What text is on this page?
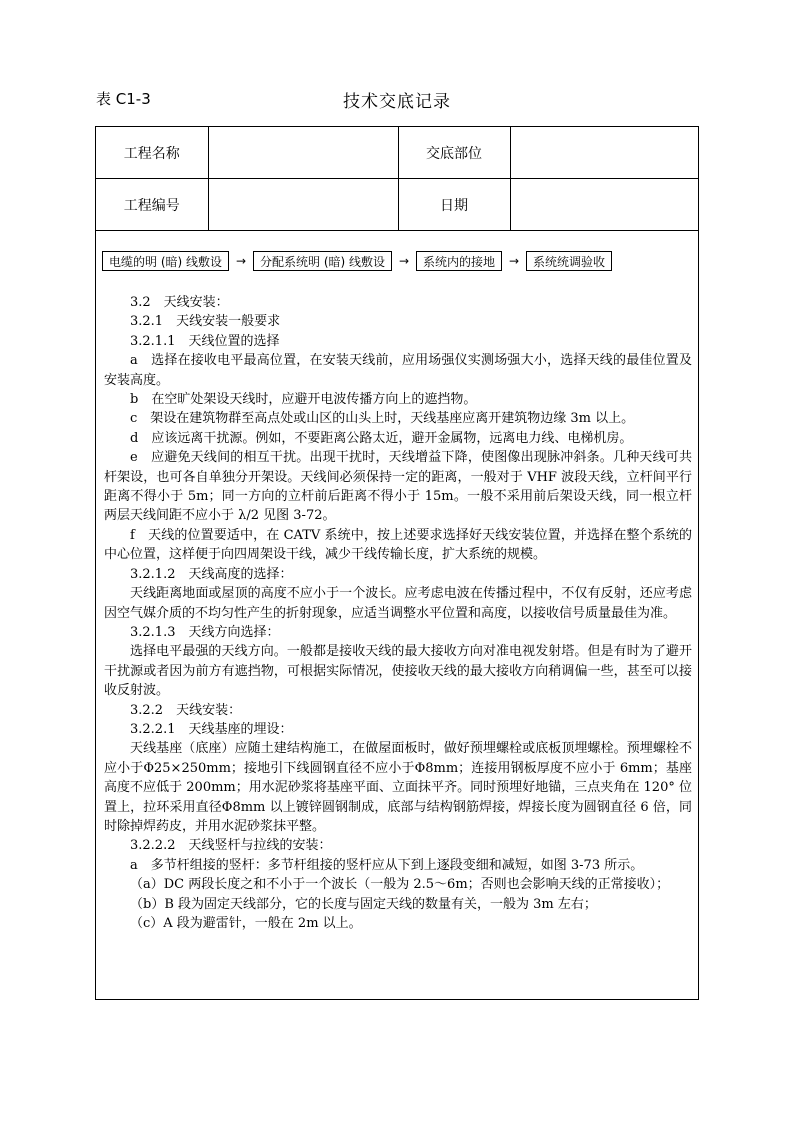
表 C1-3	技术交底记录
工程名称		交底部位	
工程编号		日期	
电缆的明 (暗) 线敷设	→	分配系统明 (暗) 线敷设	→	系统内的接地	→	系统统调验收

3.2　天线安装：

3.2.1　天线安装一般要求

3.2.1.1　天线位置的选择

a　选择在接收电平最高位置，在安装天线前，应用场强仪实测场强大小，选择天线的最佳位置及安装高度。

b　在空旷处架设天线时，应避开电波传播方向上的遮挡物。

c　架设在建筑物群至高点处或山区的山头上时，天线基座应离开建筑物边缘 3m 以上。

d　应该远离干扰源。例如，不要距离公路太近，避开金属物，远离电力线、电梯机房。

e　应避免天线间的相互干扰。出现干扰时，天线增益下降，使图像出现脉冲斜条。几种天线可共杆架设，也可各自单独分开架设。天线间必须保持一定的距离，一般对于 VHF 波段天线，立杆间平行距离不得小于 5m；同一方向的立杆前后距离不得小于 15m。一般不采用前后架设天线，同一根立杆两层天线间距不应小于 λ/2 见图 3-72。

f　天线的位置要适中，在 CATV 系统中，按上述要求选择好天线安装位置，并选择在整个系统的中心位置，这样便于向四周架设干线，减少干线传输长度，扩大系统的规模。

3.2.1.2　天线高度的选择：

天线距离地面或屋顶的高度不应小于一个波长。应考虑电波在传播过程中，不仅有反射，还应考虑因空气媒介质的不均匀性产生的折射现象，应适当调整水平位置和高度，以接收信号质量最佳为准。

3.2.1.3　天线方向选择：

选择电平最强的天线方向。一般都是接收天线的最大接收方向对准电视发射塔。但是有时为了避开干扰源或者因为前方有遮挡物，可根据实际情况，使接收天线的最大接收方向稍调偏一些，甚至可以接收反射波。

3.2.2　天线安装：

3.2.2.1　天线基座的埋设：

天线基座（底座）应随土建结构施工，在做屋面板时，做好预埋螺栓或底板顶埋螺栓。预埋螺栓不应小于Φ25×250mm；接地引下线圆钢直径不应小于Φ8mm；连接用钢板厚度不应小于 6mm；基座高度不应低于 200mm；用水泥砂浆将基座平面、立面抹平齐。同时预埋好地锚，三点夹角在 120° 位置上，拉环采用直径Φ8mm 以上镀锌圆钢制成，底部与结构钢筋焊接，焊接长度为圆钢直径 6 倍，同时除掉焊药皮，并用水泥砂浆抹平整。

3.2.2.2　天线竖杆与拉线的安装：

a　多节杆组接的竖杆：多节杆组接的竖杆应从下到上逐段变细和减短，如图 3-73 所示。

（a）DC 两段长度之和不小于一个波长（一般为 2.5～6m；否则也会影响天线的正常接收）；

（b）B 段为固定天线部分，它的长度与固定天线的数量有关，一般为 3m 左右；

（c）A 段为避雷针，一般在 2m 以上。
